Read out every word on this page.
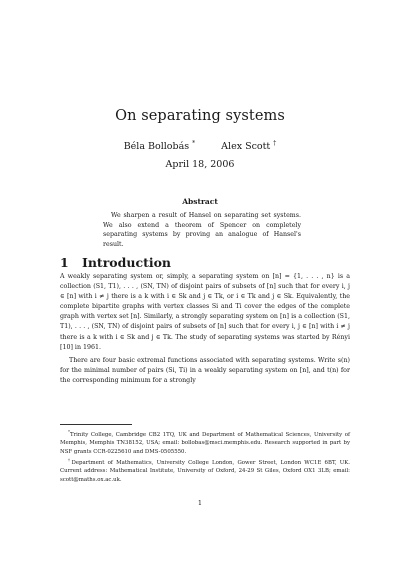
On separating systems
Béla Bollobás *	Alex Scott †
April 18, 2006
Abstract
We sharpen a result of Hansel on separating set systems. We also extend a theorem of Spencer on completely separating systems by proving an analogue of Hansel's result.
1 Introduction

A weakly separating system or, simply, a separating system on [n] = {1, . . . , n} is a collection (S1, T1), . . . , (SN, TN) of disjoint pairs of subsets of [n] such that for every i, j ∈ [n] with i ≠ j there is a k with i ∈ Sk and j ∈ Tk, or i ∈ Tk and j ∈ Sk. Equivalently, the complete bipartite graphs with vertex classes Si and Ti cover the edges of the complete graph with vertex set [n]. Similarly, a strongly separating system on [n] is a collection (S1, T1), . . . , (SN, TN) of disjoint pairs of subsets of [n] such that for every i, j ∈ [n] with i ≠ j there is a k with i ∈ Sk and j ∈ Tk. The study of separating systems was started by Rényi [10] in 1961.

There are four basic extremal functions associated with separating systems. Write s(n) for the minimal number of pairs (Si, Ti) in a weakly separating system on [n], and t(n) for the corresponding minimum for a strongly

*Trinity College, Cambridge CB2 1TQ, UK and Department of Mathematical Sciences, University of Memphis, Memphis TN38152, USA; email: bollobas@msci.memphis.edu. Research supported in part by NSF grants CCR-0225610 and DMS-0505550.

†Department of Mathematics, University College London, Gower Street, London WC1E 6BT, UK. Current address: Mathematical Institute, University of Oxford, 24-29 St Giles, Oxford OX1 3LB; email: scott@maths.ox.ac.uk.

1
